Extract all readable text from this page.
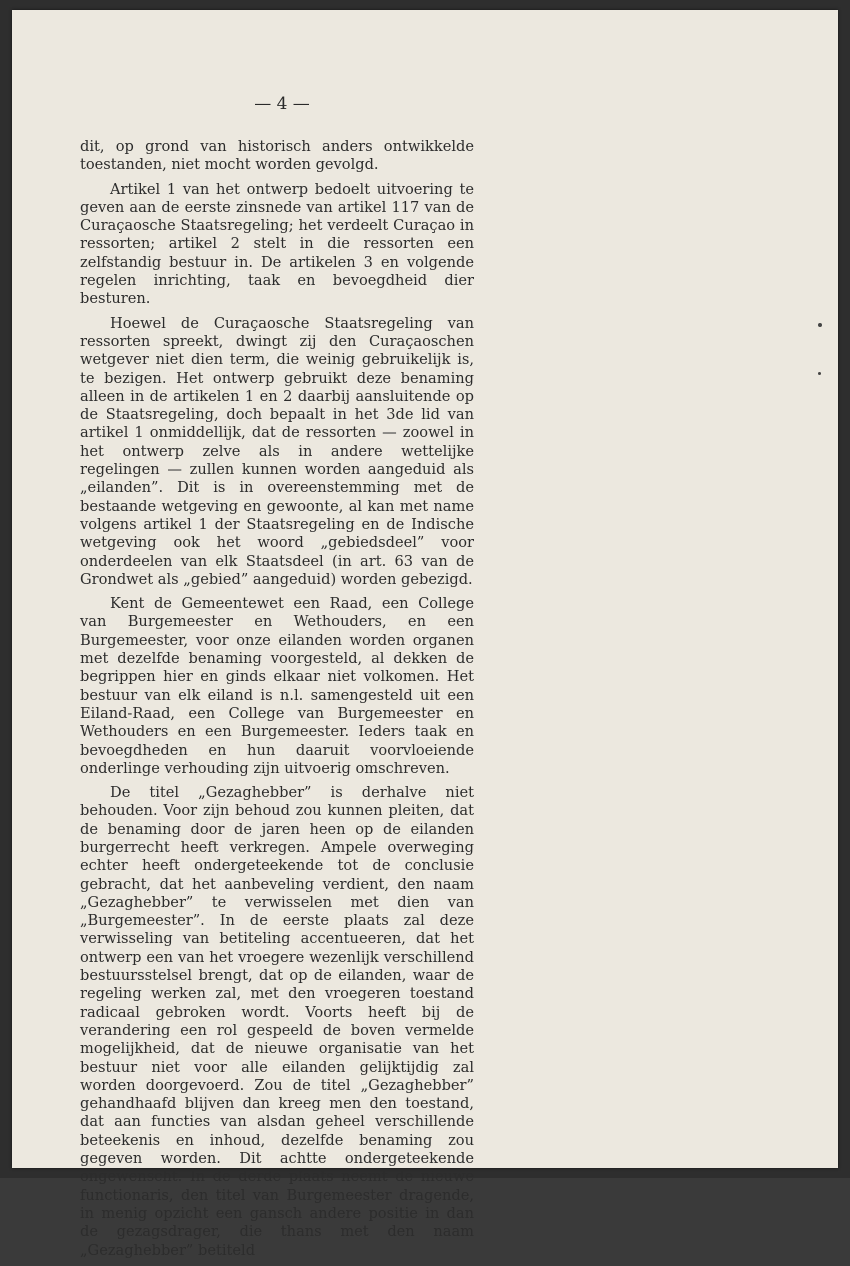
— 4 —

dit, op grond van historisch anders ontwikkelde toestanden, niet mocht worden gevolgd.

Artikel 1 van het ontwerp bedoelt uitvoering te geven aan de eerste zinsnede van artikel 117 van de Curaçaosche Staatsregeling; het verdeelt Curaçao in ressorten; artikel 2 stelt in die ressorten een zelfstandig bestuur in. De artikelen 3 en volgende regelen inrichting, taak en bevoegdheid dier besturen.

Hoewel de Curaçaosche Staatsregeling van ressorten spreekt, dwingt zij den Curaçaoschen wetgever niet dien term, die weinig gebruikelijk is, te bezigen. Het ontwerp gebruikt deze benaming alleen in de artikelen 1 en 2 daarbij aansluitende op de Staatsregeling, doch bepaalt in het 3de lid van artikel 1 onmiddellijk, dat de ressorten — zoowel in het ontwerp zelve als in andere wettelijke regelingen — zullen kunnen worden aangeduid als „eilanden”. Dit is in overeenstemming met de bestaande wetgeving en gewoonte, al kan met name volgens artikel 1 der Staatsregeling en de Indische wetgeving ook het woord „gebiedsdeel” voor onderdeelen van elk Staatsdeel (in art. 63 van de Grondwet als „gebied” aangeduid) worden gebezigd.

Kent de Gemeentewet een Raad, een College van Burgemeester en Wethouders, en een Burgemeester, voor onze eilanden worden organen met dezelfde benaming voorgesteld, al dekken de begrippen hier en ginds elkaar niet volkomen. Het bestuur van elk eiland is n.l. samengesteld uit een Eiland-Raad, een College van Burgemeester en Wethouders en een Burgemeester. Ieders taak en bevoegdheden en hun daaruit voorvloeiende onderlinge verhouding zijn uitvoerig omschreven.

De titel „Gezaghebber” is derhalve niet behouden. Voor zijn behoud zou kunnen pleiten, dat de benaming door de jaren heen op de eilanden burgerrecht heeft verkregen. Ampele overweging echter heeft ondergeteekende tot de conclusie gebracht, dat het aanbeveling verdient, den naam „Gezaghebber” te verwisselen met dien van „Burgemeester”. In de eerste plaats zal deze verwisseling van betiteling accentueeren, dat het ontwerp een van het vroegere wezenlijk verschillend bestuursstelsel brengt, dat op de eilanden, waar de regeling werken zal, met den vroegeren toestand radicaal gebroken wordt. Voorts heeft bij de verandering een rol gespeeld de boven vermelde mogelijkheid, dat de nieuwe organisatie van het bestuur niet voor alle eilanden gelijktijdig zal worden doorgevoerd. Zou de titel „Gezaghebber” gehandhaafd blijven dan kreeg men den toestand, dat aan functies van alsdan geheel verschillende beteekenis en inhoud, dezelfde benaming zou gegeven worden. Dit achtte ondergeteekende ongewenscht. In de derde plaats neemt de nieuwe functionaris, den titel van Burgemeester dragende, in menig opzicht een gansch andere positie in dan de gezagsdrager, die thans met den naam „Gezaghebber” betiteld
